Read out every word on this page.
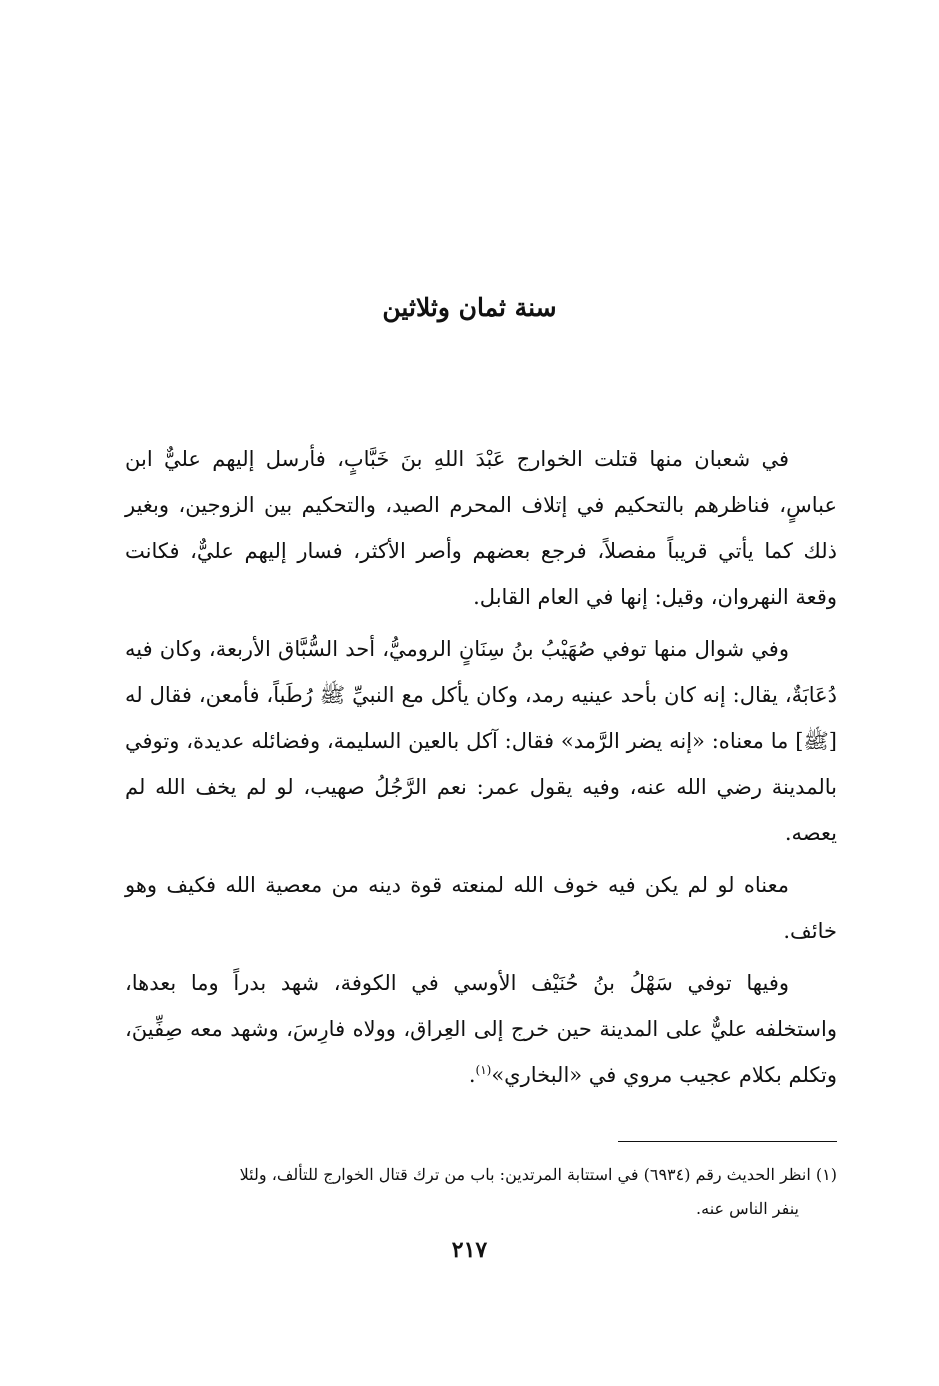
سنة ثمان وثلاثين

في شعبان منها قتلت الخوارج عَبْدَ اللهِ بنَ خَبَّابٍ، فأرسل إليهم عليٌّ ابن عباسٍ، فناظرهم بالتحكيم في إتلاف المحرم الصيد، والتحكيم بين الزوجين، وبغير ذلك كما يأتي قريباً مفصلاً، فرجع بعضهم وأصر الأكثر، فسار إليهم عليٌّ، فكانت وقعة النهروان، وقيل: إنها في العام القابل.

وفي شوال منها توفي صُهَيْبُ بنُ سِنَانٍ الروميُّ، أحد السُّبَّاق الأربعة، وكان فيه دُعَابَةٌ، يقال: إنه كان بأحد عينيه رمد، وكان يأكل مع النبيِّ ﷺ رُطَباً، فأمعن، فقال له [ﷺ] ما معناه: «إنه يضر الرَّمد» فقال: آكل بالعين السليمة، وفضائله عديدة، وتوفي بالمدينة رضي الله عنه، وفيه يقول عمر: نعم الرَّجُلُ صهيب، لو لم يخف الله لم يعصه.

معناه لو لم يكن فيه خوف الله لمنعته قوة دينه من معصية الله فكيف وهو خائف.

وفيها توفي سَهْلُ بنُ حُنَيْف الأوسي في الكوفة، شهد بدراً وما بعدها، واستخلفه عليٌّ على المدينة حين خرج إلى العِراق، وولاه فارِسَ، وشهد معه صِفِّينَ، وتكلم بكلام عجيب مروي في «البخاري»$^{(١)}$.

(١) انظر الحديث رقم (٦٩٣٤) في استتابة المرتدين: باب من ترك قتال الخوارج للتألف، ولئلا
ينفر الناس عنه.
٢١٧
